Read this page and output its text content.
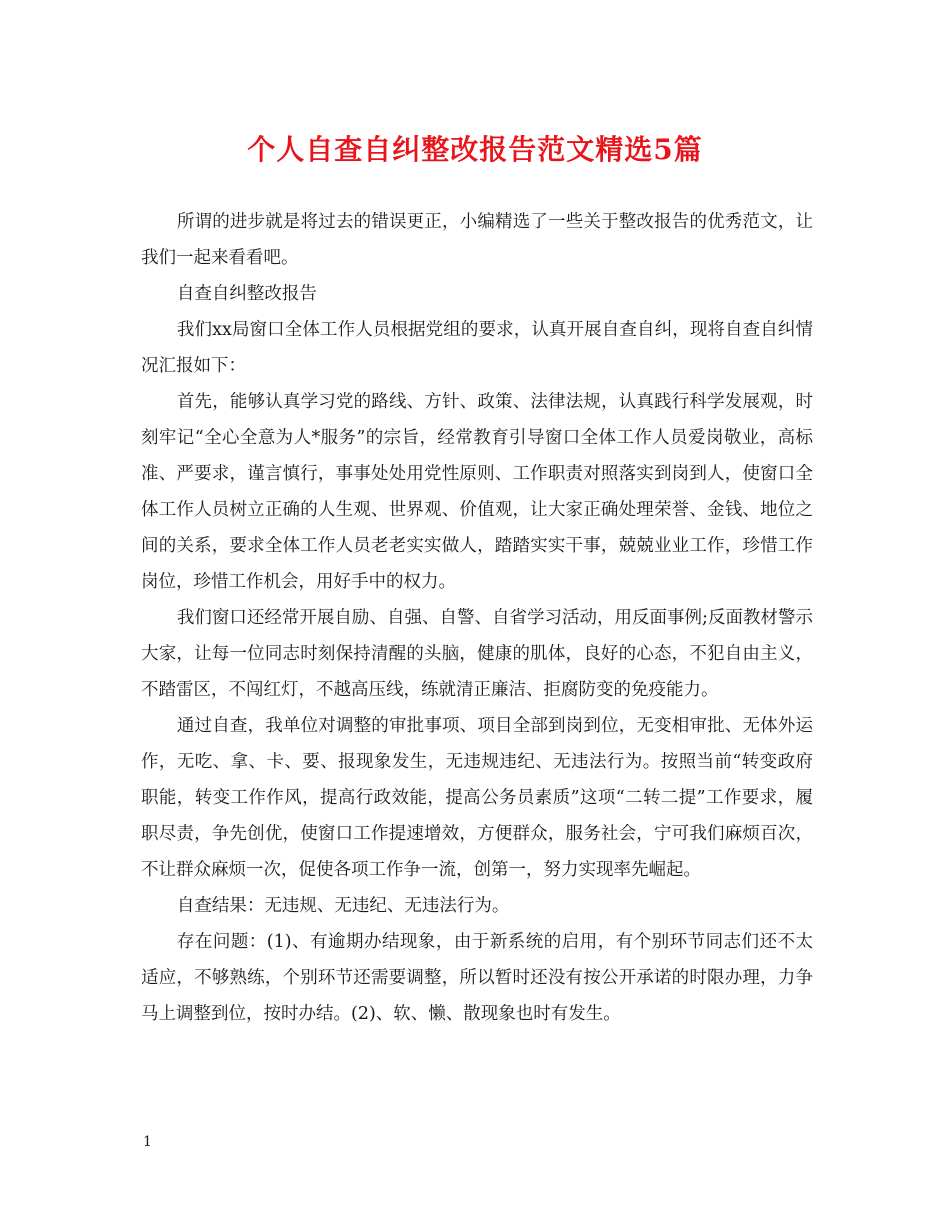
个人自查自纠整改报告范文精选5篇

所谓的进步就是将过去的错误更正，小编精选了一些关于整改报告的优秀范文，让我们一起来看看吧。

自查自纠整改报告

我们xx局窗口全体工作人员根据党组的要求，认真开展自查自纠，现将自查自纠情况汇报如下：

首先，能够认真学习党的路线、方针、政策、法律法规，认真践行科学发展观，时刻牢记“全心全意为人*服务”的宗旨，经常教育引导窗口全体工作人员爱岗敬业，高标准、严要求，谨言慎行，事事处处用党性原则、工作职责对照落实到岗到人，使窗口全体工作人员树立正确的人生观、世界观、价值观，让大家正确处理荣誉、金钱、地位之间的关系，要求全体工作人员老老实实做人，踏踏实实干事，兢兢业业工作，珍惜工作岗位，珍惜工作机会，用好手中的权力。

我们窗口还经常开展自励、自强、自警、自省学习活动，用反面事例;反面教材警示大家，让每一位同志时刻保持清醒的头脑，健康的肌体，良好的心态，不犯自由主义，不踏雷区，不闯红灯，不越高压线，练就清正廉洁、拒腐防变的免疫能力。

通过自查，我单位对调整的审批事项、项目全部到岗到位，无变相审批、无体外运作，无吃、拿、卡、要、报现象发生，无违规违纪、无违法行为。按照当前“转变政府职能，转变工作作风，提高行政效能，提高公务员素质”这项“二转二提”工作要求，履职尽责，争先创优，使窗口工作提速增效，方便群众，服务社会，宁可我们麻烦百次，不让群众麻烦一次，促使各项工作争一流，创第一，努力实现率先崛起。

自查结果：无违规、无违纪、无违法行为。

存在问题：(1)、有逾期办结现象，由于新系统的启用，有个别环节同志们还不太适应，不够熟练，个别环节还需要调整，所以暂时还没有按公开承诺的时限办理，力争马上调整到位，按时办结。(2)、软、懒、散现象也时有发生。

1
